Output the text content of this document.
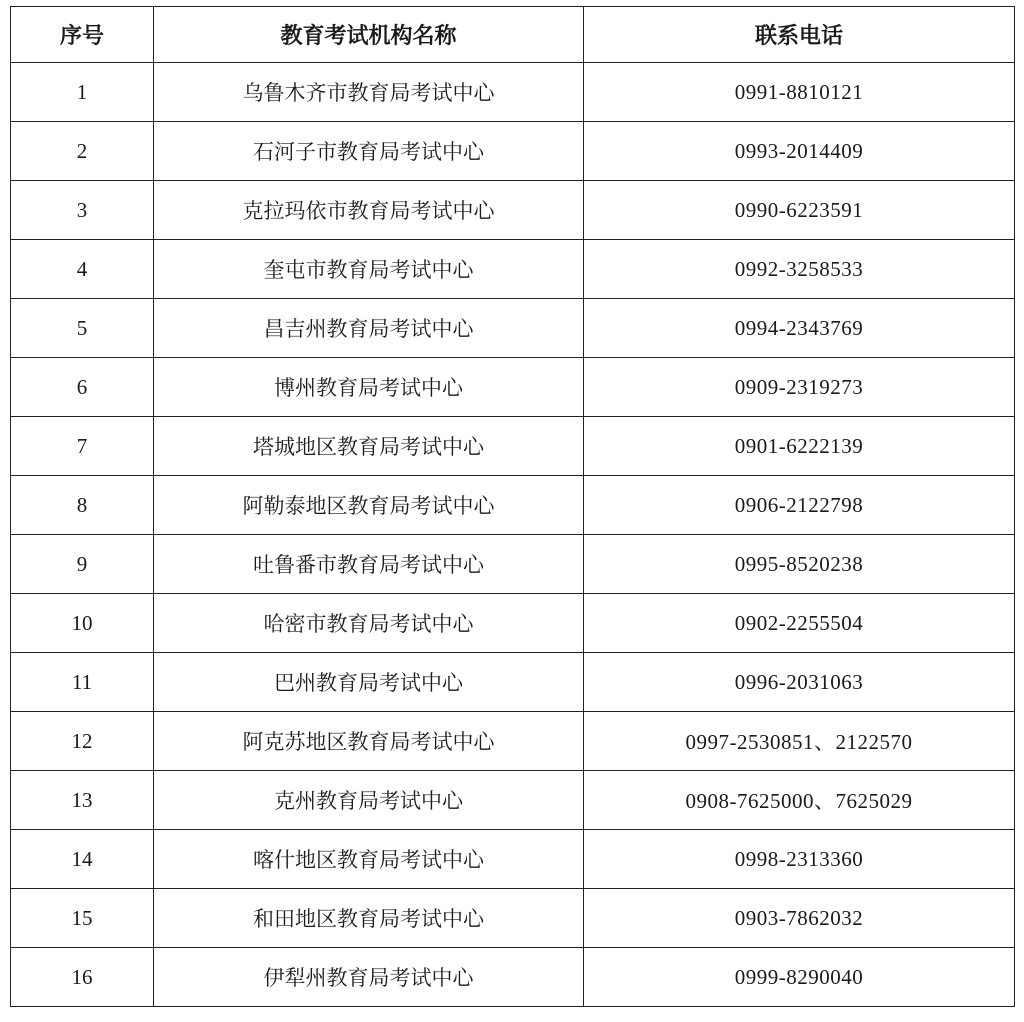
序号	教育考试机构名称	联系电话
1	乌鲁木齐市教育局考试中心	0991-8810121
2	石河子市教育局考试中心	0993-2014409
3	克拉玛依市教育局考试中心	0990-6223591
4	奎屯市教育局考试中心	0992-3258533
5	昌吉州教育局考试中心	0994-2343769
6	博州教育局考试中心	0909-2319273
7	塔城地区教育局考试中心	0901-6222139
8	阿勒泰地区教育局考试中心	0906-2122798
9	吐鲁番市教育局考试中心	0995-8520238
10	哈密市教育局考试中心	0902-2255504
11	巴州教育局考试中心	0996-2031063
12	阿克苏地区教育局考试中心	0997-2530851、2122570
13	克州教育局考试中心	0908-7625000、7625029
14	喀什地区教育局考试中心	0998-2313360
15	和田地区教育局考试中心	0903-7862032
16	伊犁州教育局考试中心	0999-8290040
